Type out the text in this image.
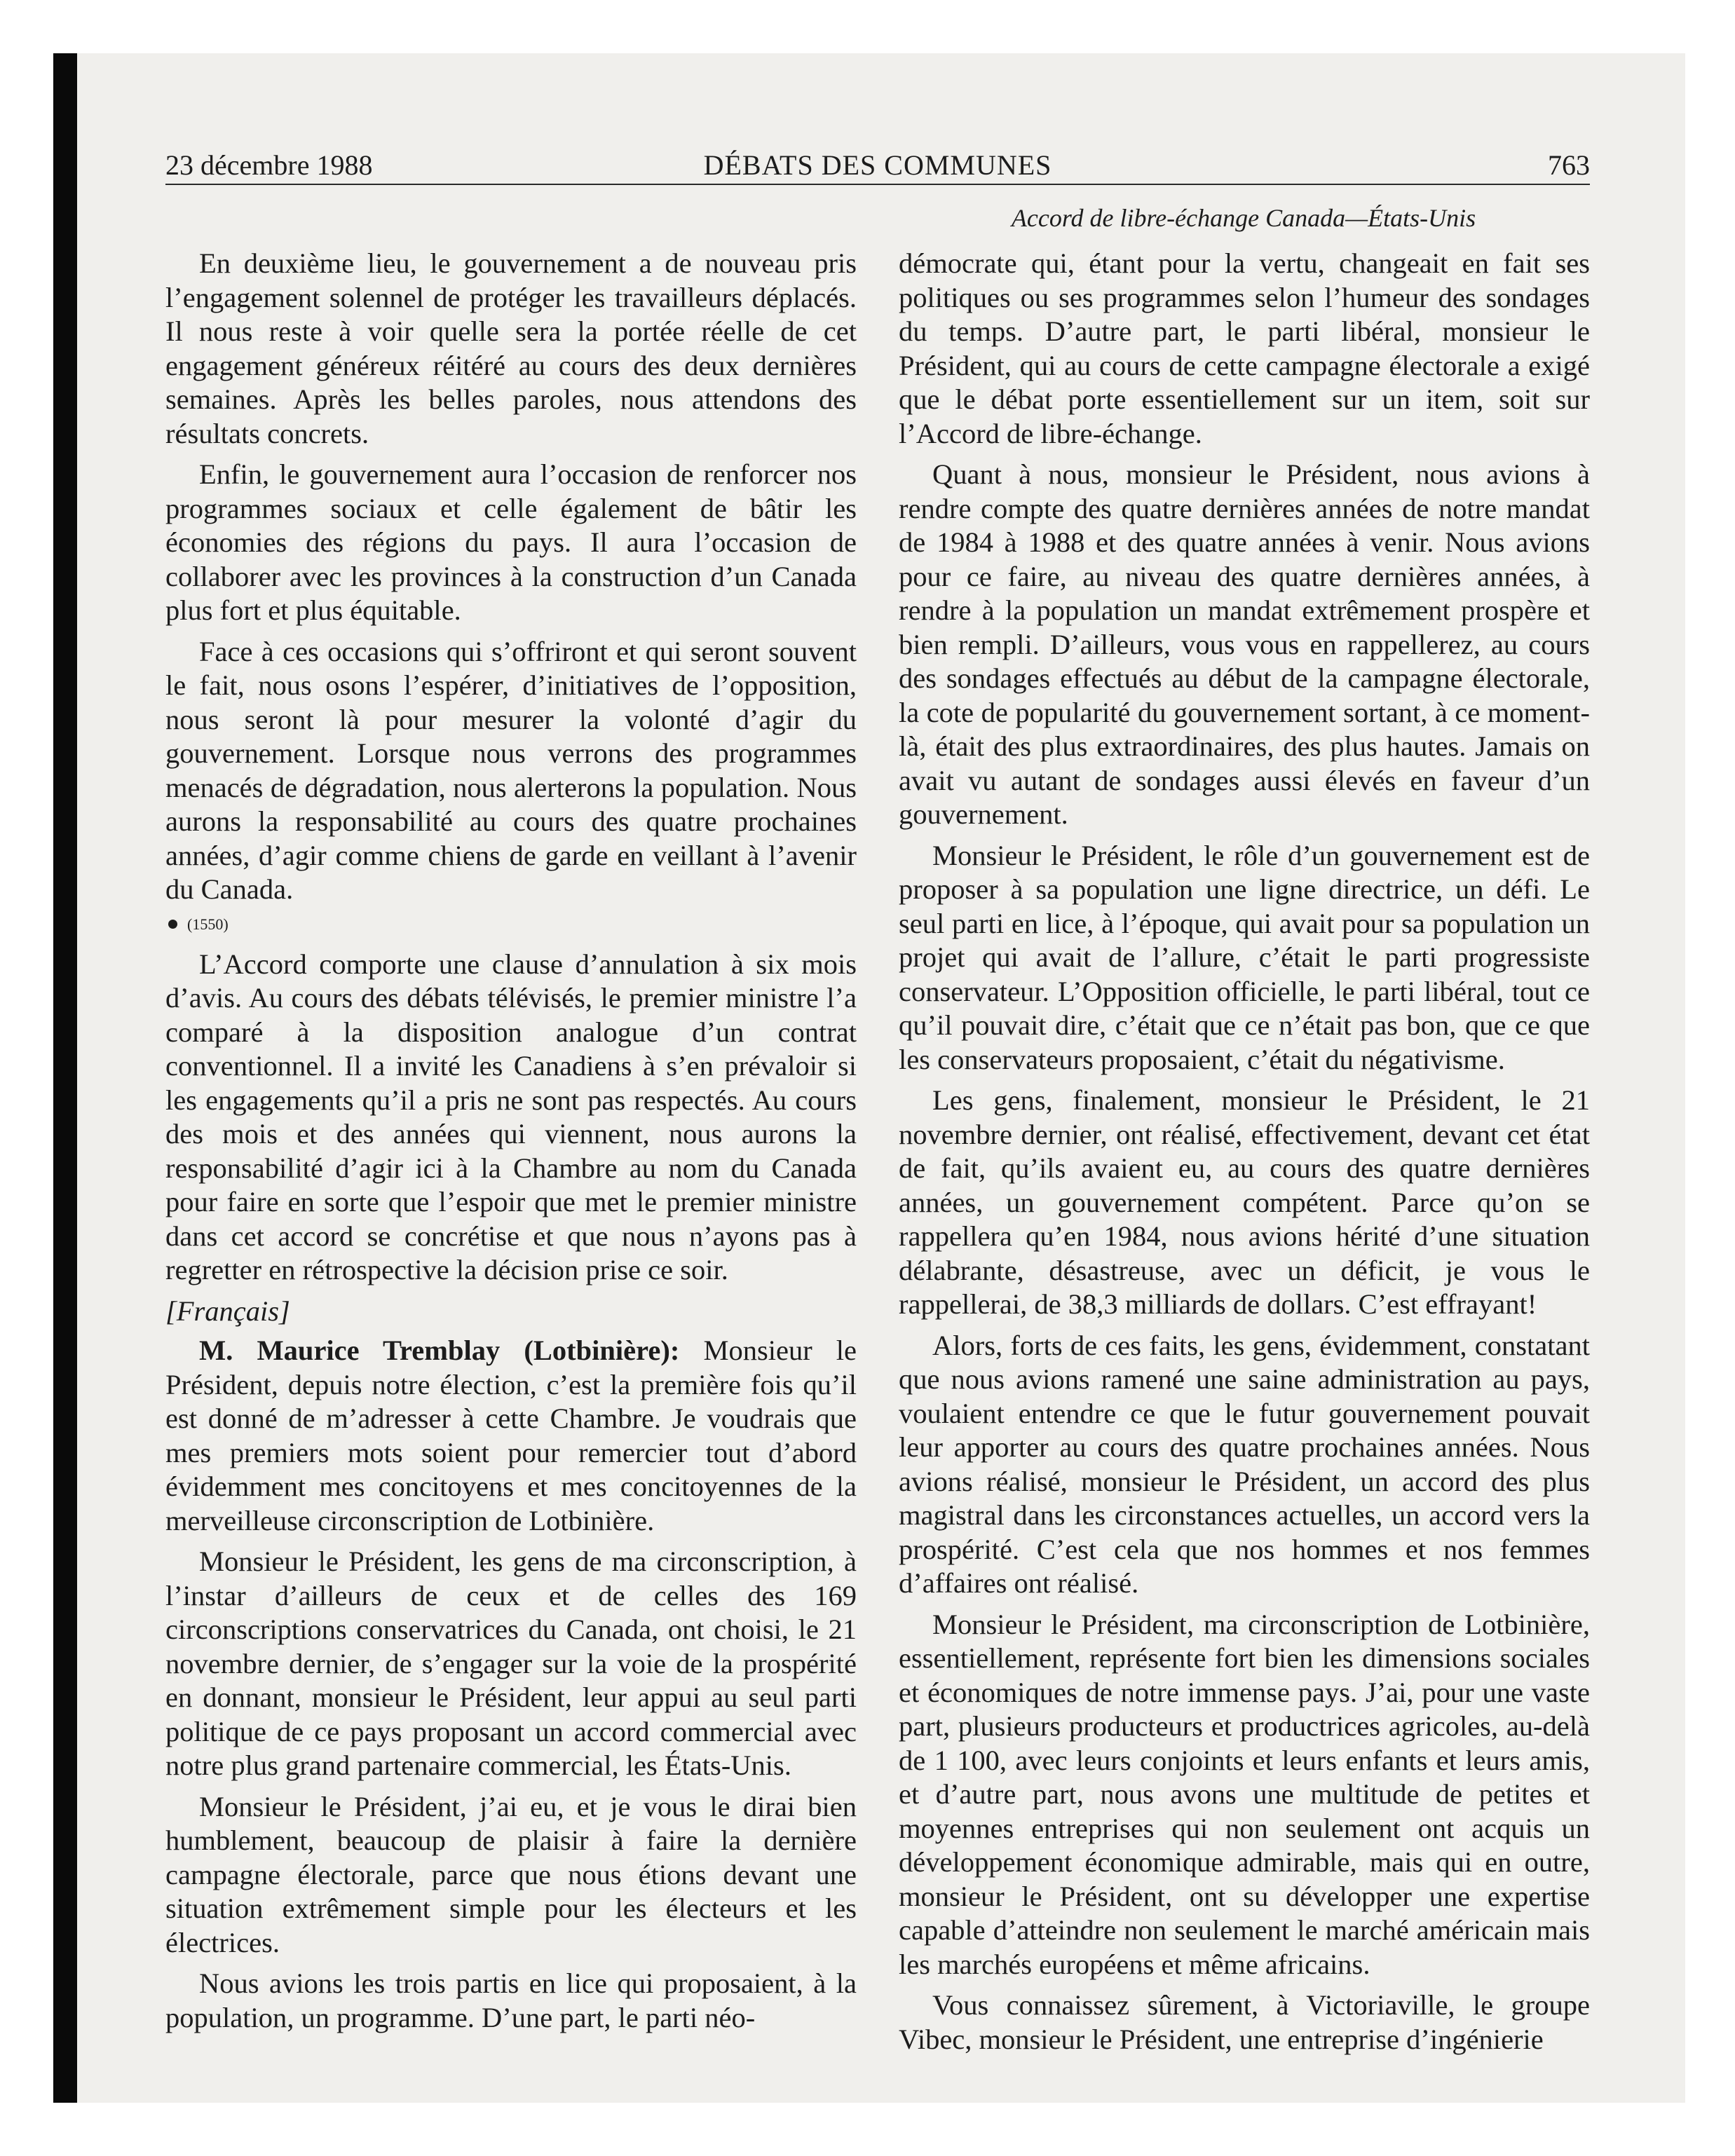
23 décembre 1988	DÉBATS DES COMMUNES	763
Accord de libre-échange Canada—États-Unis

En deuxième lieu, le gouvernement a de nouveau pris l’engagement solennel de protéger les travailleurs déplacés. Il nous reste à voir quelle sera la portée réelle de cet engagement généreux réitéré au cours des deux dernières semaines. Après les belles paroles, nous attendons des résultats concrets.

Enfin, le gouvernement aura l’occasion de renforcer nos programmes sociaux et celle également de bâtir les économies des régions du pays. Il aura l’occasion de collaborer avec les provinces à la construction d’un Canada plus fort et plus équitable.

Face à ces occasions qui s’offriront et qui seront souvent le fait, nous osons l’espérer, d’initiatives de l’opposition, nous seront là pour mesurer la volonté d’agir du gouvernement. Lorsque nous verrons des programmes menacés de dégradation, nous alerterons la population. Nous aurons la responsabilité au cours des quatre prochaines années, d’agir comme chiens de garde en veillant à l’avenir du Canada.

(1550)

L’Accord comporte une clause d’annulation à six mois d’avis. Au cours des débats télévisés, le premier ministre l’a comparé à la disposition analogue d’un contrat conventionnel. Il a invité les Canadiens à s’en prévaloir si les engagements qu’il a pris ne sont pas respectés. Au cours des mois et des années qui viennent, nous aurons la responsabilité d’agir ici à la Chambre au nom du Canada pour faire en sorte que l’espoir que met le premier ministre dans cet accord se concrétise et que nous n’ayons pas à regretter en rétrospective la décision prise ce soir.

[Français]

M. Maurice Tremblay (Lotbinière): Monsieur le Président, depuis notre élection, c’est la première fois qu’il est donné de m’adresser à cette Chambre. Je voudrais que mes premiers mots soient pour remercier tout d’abord évidemment mes concitoyens et mes concitoyennes de la merveilleuse circonscription de Lotbinière.

Monsieur le Président, les gens de ma circonscription, à l’instar d’ailleurs de ceux et de celles des 169 circonscriptions conservatrices du Canada, ont choisi, le 21 novembre dernier, de s’engager sur la voie de la prospérité en donnant, monsieur le Président, leur appui au seul parti politique de ce pays proposant un accord commercial avec notre plus grand partenaire commercial, les États-Unis.

Monsieur le Président, j’ai eu, et je vous le dirai bien humblement, beaucoup de plaisir à faire la dernière campagne électorale, parce que nous étions devant une situation extrêmement simple pour les électeurs et les électrices.

Nous avions les trois partis en lice qui proposaient, à la population, un programme. D’une part, le parti néo-

démocrate qui, étant pour la vertu, changeait en fait ses politiques ou ses programmes selon l’humeur des sondages du temps. D’autre part, le parti libéral, monsieur le Président, qui au cours de cette campagne électorale a exigé que le débat porte essentiellement sur un item, soit sur l’Accord de libre-échange.

Quant à nous, monsieur le Président, nous avions à rendre compte des quatre dernières années de notre mandat de 1984 à 1988 et des quatre années à venir. Nous avions pour ce faire, au niveau des quatre dernières années, à rendre à la population un mandat extrêmement prospère et bien rempli. D’ailleurs, vous vous en rappellerez, au cours des sondages effectués au début de la campagne électorale, la cote de popularité du gouvernement sortant, à ce moment-là, était des plus extraordinaires, des plus hautes. Jamais on avait vu autant de sondages aussi élevés en faveur d’un gouvernement.

Monsieur le Président, le rôle d’un gouvernement est de proposer à sa population une ligne directrice, un défi. Le seul parti en lice, à l’époque, qui avait pour sa population un projet qui avait de l’allure, c’était le parti progressiste conservateur. L’Opposition officielle, le parti libéral, tout ce qu’il pouvait dire, c’était que ce n’était pas bon, que ce que les conservateurs proposaient, c’était du négativisme.

Les gens, finalement, monsieur le Président, le 21 novembre dernier, ont réalisé, effectivement, devant cet état de fait, qu’ils avaient eu, au cours des quatre dernières années, un gouvernement compétent. Parce qu’on se rappellera qu’en 1984, nous avions hérité d’une situation délabrante, désastreuse, avec un déficit, je vous le rappellerai, de 38,3 milliards de dollars. C’est effrayant!

Alors, forts de ces faits, les gens, évidemment, constatant que nous avions ramené une saine administration au pays, voulaient entendre ce que le futur gouvernement pouvait leur apporter au cours des quatre prochaines années. Nous avions réalisé, monsieur le Président, un accord des plus magistral dans les circonstances actuelles, un accord vers la prospérité. C’est cela que nos hommes et nos femmes d’affaires ont réalisé.

Monsieur le Président, ma circonscription de Lotbinière, essentiellement, représente fort bien les dimensions sociales et économiques de notre immense pays. J’ai, pour une vaste part, plusieurs producteurs et productrices agricoles, au-delà de 1 100, avec leurs conjoints et leurs enfants et leurs amis, et d’autre part, nous avons une multitude de petites et moyennes entreprises qui non seulement ont acquis un développement économique admirable, mais qui en outre, monsieur le Président, ont su développer une expertise capable d’atteindre non seulement le marché américain mais les marchés européens et même africains.

Vous connaissez sûrement, à Victoriaville, le groupe Vibec, monsieur le Président, une entreprise d’ingénierie
